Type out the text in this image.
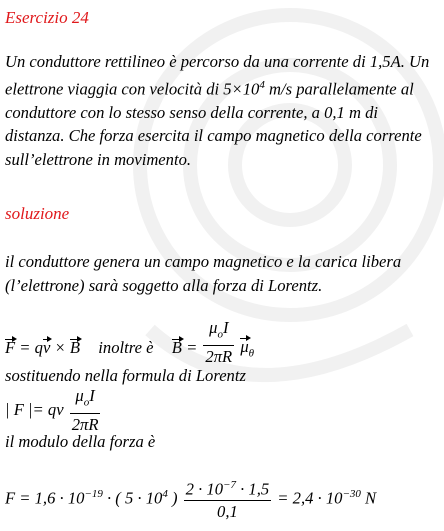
Esercizio 24
Un conduttore rettilineo è percorso da una corrente di 1,5A. Un elettrone viaggia con velocità di $5\times 10^4$ m/s parallelamente al conduttore con lo stesso senso della corrente, a 0,1 m di distanza. Che forza esercita il campo magnetico della corrente sull’elettrone in movimento.
soluzione
il conduttore genera un campo magnetico e la carica libera (l’elettrone) sarà soggetto alla forza di Lorentz.
F = qv × B inoltre è $B = \frac{\mu_oI}{2\pi R} \mu_\theta$
sostituendo nella formula di Lorentz
| F |= qv $\frac{\mu_oI}{2\pi R}$
il modulo della forza è
$F = 1,6 \cdot 10^{-19}$ · ( $5 \cdot 10^4$ ) $\frac{2 \cdot 10^{-7} \cdot 1,5}{0,1} = 2,4 \cdot 10^{-30}$ N
